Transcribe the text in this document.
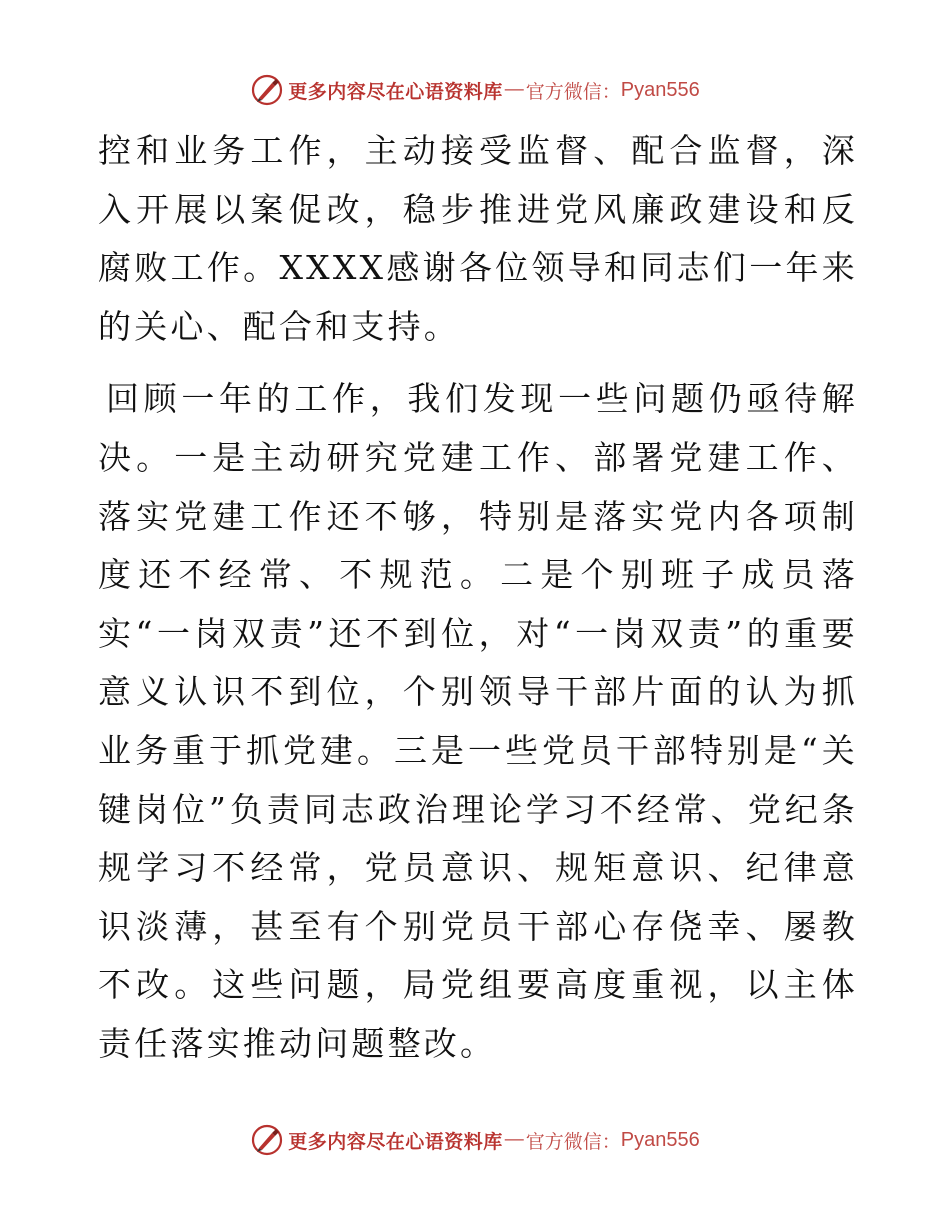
更多内容尽在心语资料库 — 官方微信： Pyan556

控和业务工作，主动接受监督、配合监督，深入开展以案促改，稳步推进党风廉政建设和反腐败工作。XXXX感谢各位领导和同志们一年来的关心、配合和支持。

回顾一年的工作，我们发现一些问题仍亟待解决。一是主动研究党建工作、部署党建工作、落实党建工作还不够，特别是落实党内各项制度还不经常、不规范。二是个别班子成员落实“一岗双责”还不到位，对“一岗双责”的重要意义认识不到位，个别领导干部片面的认为抓业务重于抓党建。三是一些党员干部特别是“关键岗位”负责同志政治理论学习不经常、党纪条规学习不经常，党员意识、规矩意识、纪律意识淡薄，甚至有个别党员干部心存侥幸、屡教不改。这些问题，局党组要高度重视，以主体责任落实推动问题整改。

更多内容尽在心语资料库 — 官方微信： Pyan556
